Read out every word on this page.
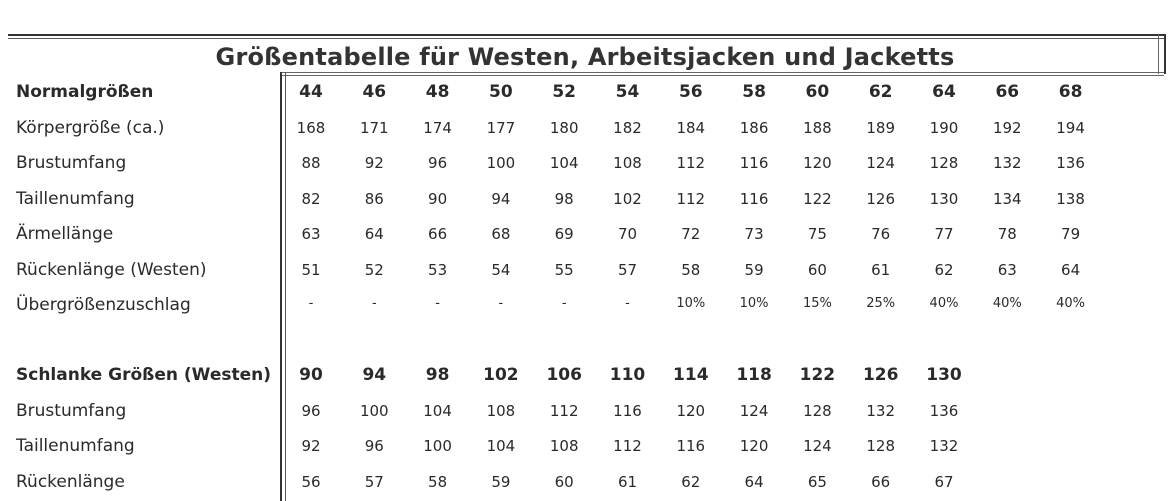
Größentabelle für Westen, Arbeitsjacken und Jacketts
Normalgrößen	44	46	48	50	52	54	56	58	60	62	64	66	68
Körpergröße (ca.)	168	171	174	177	180	182	184	186	188	189	190	192	194
Brustumfang	88	92	96	100	104	108	112	116	120	124	128	132	136
Taillenumfang	82	86	90	94	98	102	112	116	122	126	130	134	138
Ärmellänge	63	64	66	68	69	70	72	73	75	76	77	78	79
Rückenlänge (Westen)	51	52	53	54	55	57	58	59	60	61	62	63	64
Übergrößenzuschlag	-	-	-	-	-	-	10%	10%	15%	25%	40%	40%	40%
Schlanke Größen (Westen)	90	94	98	102	106	110	114	118	122	126	130
Brustumfang	96	100	104	108	112	116	120	124	128	132	136
Taillenumfang	92	96	100	104	108	112	116	120	124	128	132
Rückenlänge	56	57	58	59	60	61	62	64	65	66	67
